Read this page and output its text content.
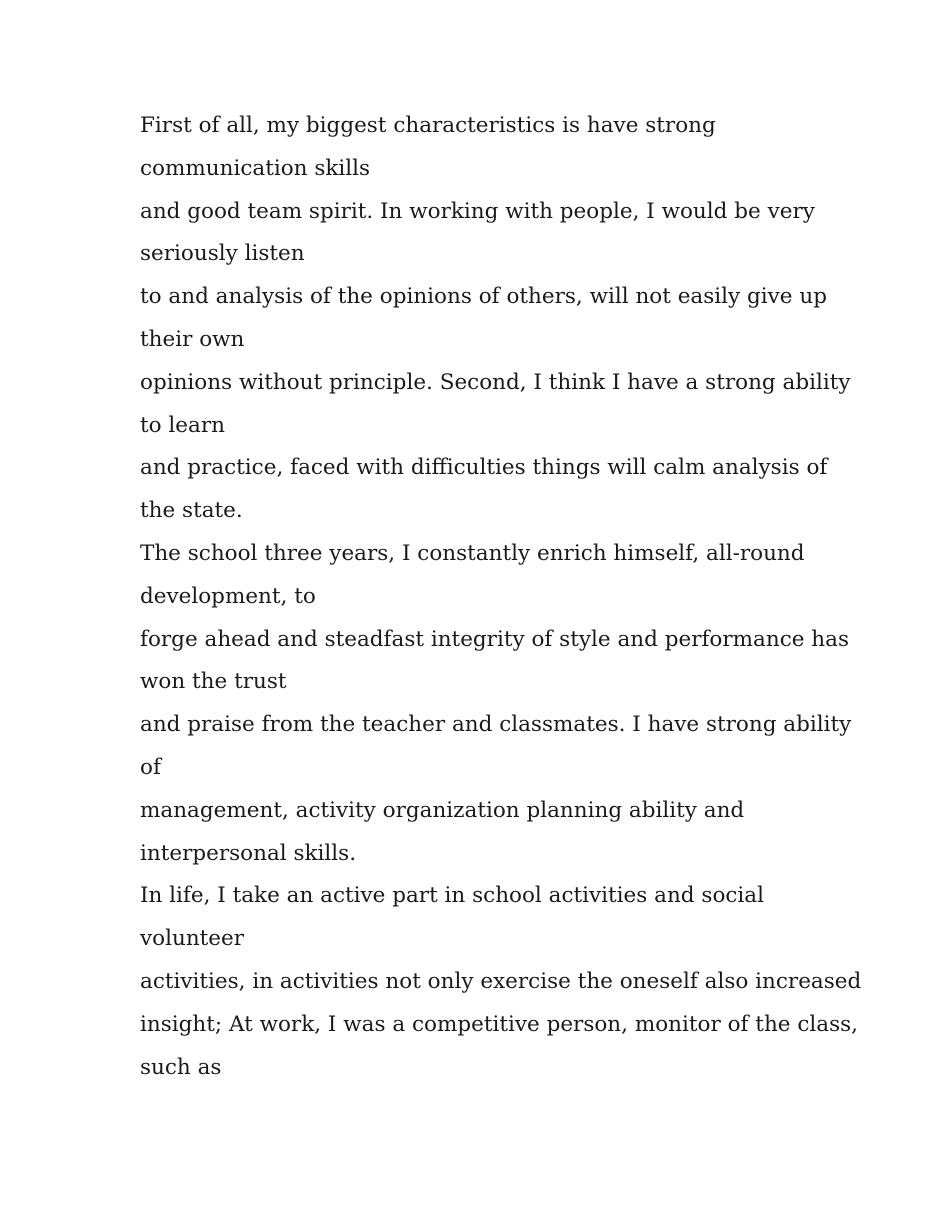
First of all, my biggest characteristics is have strong
communication skills
and good team spirit. In working with people, I would be very
seriously listen
to and analysis of the opinions of others, will not easily give up
their own
opinions without principle. Second, I think I have a strong ability
to learn
and practice, faced with difficulties things will calm analysis of
the state.
The school three years, I constantly enrich himself, all-round
development, to
forge ahead and steadfast integrity of style and performance has
won the trust
and praise from the teacher and classmates. I have strong ability
of
management, activity organization planning ability and
interpersonal skills.
In life, I take an active part in school activities and social
volunteer
activities, in activities not only exercise the oneself also increased
insight; At work, I was a competitive person, monitor of the class,
such as
